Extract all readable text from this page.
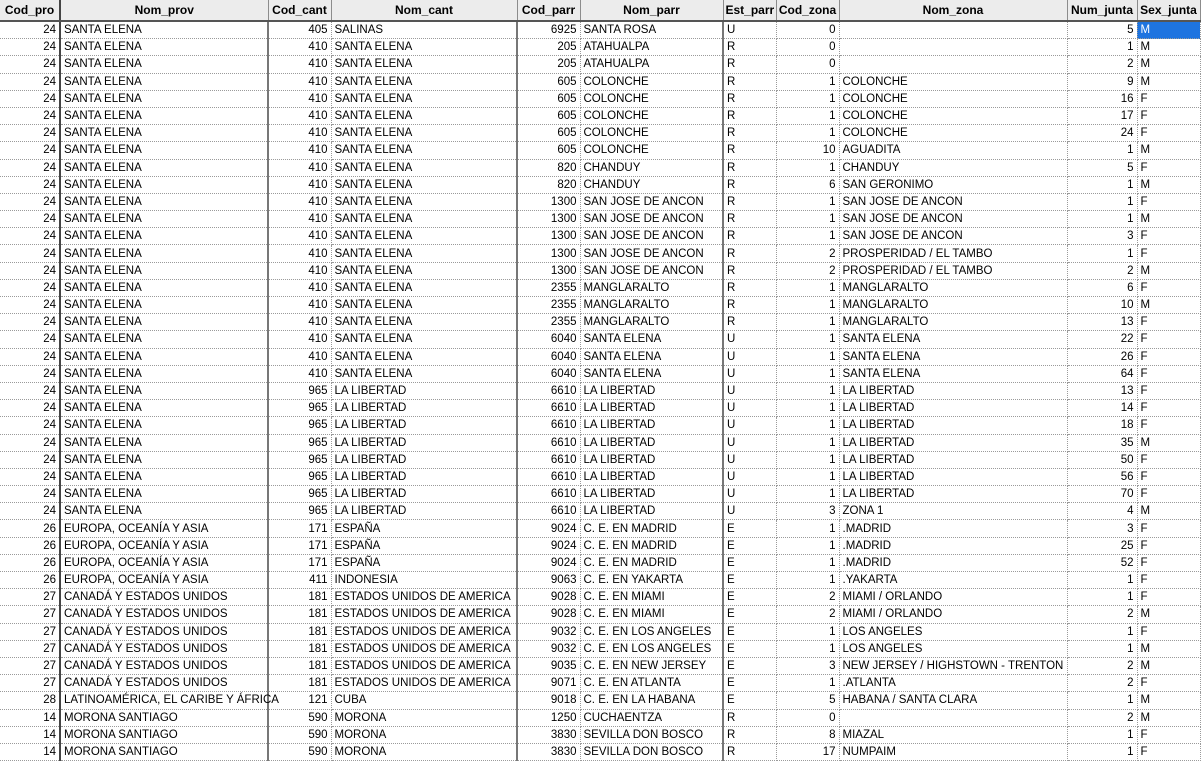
Cod_pro	Nom_prov	Cod_cant	Nom_cant	Cod_parr	Nom_parr	Est_parr	Cod_zona	Nom_zona	Num_junta	Sex_junta
24	SANTA ELENA	405	SALINAS	6925	SANTA ROSA	U	0		5	M
24	SANTA ELENA	410	SANTA ELENA	205	ATAHUALPA	R	0		1	M
24	SANTA ELENA	410	SANTA ELENA	205	ATAHUALPA	R	0		2	M
24	SANTA ELENA	410	SANTA ELENA	605	COLONCHE	R	1	COLONCHE	9	M
24	SANTA ELENA	410	SANTA ELENA	605	COLONCHE	R	1	COLONCHE	16	F
24	SANTA ELENA	410	SANTA ELENA	605	COLONCHE	R	1	COLONCHE	17	F
24	SANTA ELENA	410	SANTA ELENA	605	COLONCHE	R	1	COLONCHE	24	F
24	SANTA ELENA	410	SANTA ELENA	605	COLONCHE	R	10	AGUADITA	1	M
24	SANTA ELENA	410	SANTA ELENA	820	CHANDUY	R	1	CHANDUY	5	F
24	SANTA ELENA	410	SANTA ELENA	820	CHANDUY	R	6	SAN GERONIMO	1	M
24	SANTA ELENA	410	SANTA ELENA	1300	SAN JOSE DE ANCON	R	1	SAN JOSE DE ANCON	1	F
24	SANTA ELENA	410	SANTA ELENA	1300	SAN JOSE DE ANCON	R	1	SAN JOSE DE ANCON	1	M
24	SANTA ELENA	410	SANTA ELENA	1300	SAN JOSE DE ANCON	R	1	SAN JOSE DE ANCON	3	F
24	SANTA ELENA	410	SANTA ELENA	1300	SAN JOSE DE ANCON	R	2	PROSPERIDAD / EL TAMBO	1	F
24	SANTA ELENA	410	SANTA ELENA	1300	SAN JOSE DE ANCON	R	2	PROSPERIDAD / EL TAMBO	2	M
24	SANTA ELENA	410	SANTA ELENA	2355	MANGLARALTO	R	1	MANGLARALTO	6	F
24	SANTA ELENA	410	SANTA ELENA	2355	MANGLARALTO	R	1	MANGLARALTO	10	M
24	SANTA ELENA	410	SANTA ELENA	2355	MANGLARALTO	R	1	MANGLARALTO	13	F
24	SANTA ELENA	410	SANTA ELENA	6040	SANTA ELENA	U	1	SANTA ELENA	22	F
24	SANTA ELENA	410	SANTA ELENA	6040	SANTA ELENA	U	1	SANTA ELENA	26	F
24	SANTA ELENA	410	SANTA ELENA	6040	SANTA ELENA	U	1	SANTA ELENA	64	F
24	SANTA ELENA	965	LA LIBERTAD	6610	LA LIBERTAD	U	1	LA LIBERTAD	13	F
24	SANTA ELENA	965	LA LIBERTAD	6610	LA LIBERTAD	U	1	LA LIBERTAD	14	F
24	SANTA ELENA	965	LA LIBERTAD	6610	LA LIBERTAD	U	1	LA LIBERTAD	18	F
24	SANTA ELENA	965	LA LIBERTAD	6610	LA LIBERTAD	U	1	LA LIBERTAD	35	M
24	SANTA ELENA	965	LA LIBERTAD	6610	LA LIBERTAD	U	1	LA LIBERTAD	50	F
24	SANTA ELENA	965	LA LIBERTAD	6610	LA LIBERTAD	U	1	LA LIBERTAD	56	F
24	SANTA ELENA	965	LA LIBERTAD	6610	LA LIBERTAD	U	1	LA LIBERTAD	70	F
24	SANTA ELENA	965	LA LIBERTAD	6610	LA LIBERTAD	U	3	ZONA 1	4	M
26	EUROPA, OCEANÍA Y ASIA	171	ESPAÑA	9024	C. E. EN MADRID	E	1	.MADRID	3	F
26	EUROPA, OCEANÍA Y ASIA	171	ESPAÑA	9024	C. E. EN MADRID	E	1	.MADRID	25	F
26	EUROPA, OCEANÍA Y ASIA	171	ESPAÑA	9024	C. E. EN MADRID	E	1	.MADRID	52	F
26	EUROPA, OCEANÍA Y ASIA	411	INDONESIA	9063	C. E. EN YAKARTA	E	1	.YAKARTA	1	F
27	CANADÁ Y ESTADOS UNIDOS	181	ESTADOS UNIDOS DE AMERICA	9028	C. E. EN MIAMI	E	2	MIAMI / ORLANDO	1	F
27	CANADÁ Y ESTADOS UNIDOS	181	ESTADOS UNIDOS DE AMERICA	9028	C. E. EN MIAMI	E	2	MIAMI / ORLANDO	2	M
27	CANADÁ Y ESTADOS UNIDOS	181	ESTADOS UNIDOS DE AMERICA	9032	C. E. EN LOS ANGELES	E	1	LOS ANGELES	1	F
27	CANADÁ Y ESTADOS UNIDOS	181	ESTADOS UNIDOS DE AMERICA	9032	C. E. EN LOS ANGELES	E	1	LOS ANGELES	1	M
27	CANADÁ Y ESTADOS UNIDOS	181	ESTADOS UNIDOS DE AMERICA	9035	C. E. EN NEW JERSEY	E	3	NEW JERSEY / HIGHSTOWN - TRENTON	2	M
27	CANADÁ Y ESTADOS UNIDOS	181	ESTADOS UNIDOS DE AMERICA	9071	C. E. EN ATLANTA	E	1	.ATLANTA	2	F
28	LATINOAMÉRICA, EL CARIBE Y ÁFRICA	121	CUBA	9018	C. E. EN LA HABANA	E	5	HABANA / SANTA CLARA	1	M
14	MORONA SANTIAGO	590	MORONA	1250	CUCHAENTZA	R	0		2	M
14	MORONA SANTIAGO	590	MORONA	3830	SEVILLA DON BOSCO	R	8	MIAZAL	1	F
14	MORONA SANTIAGO	590	MORONA	3830	SEVILLA DON BOSCO	R	17	NUMPAIM	1	F
